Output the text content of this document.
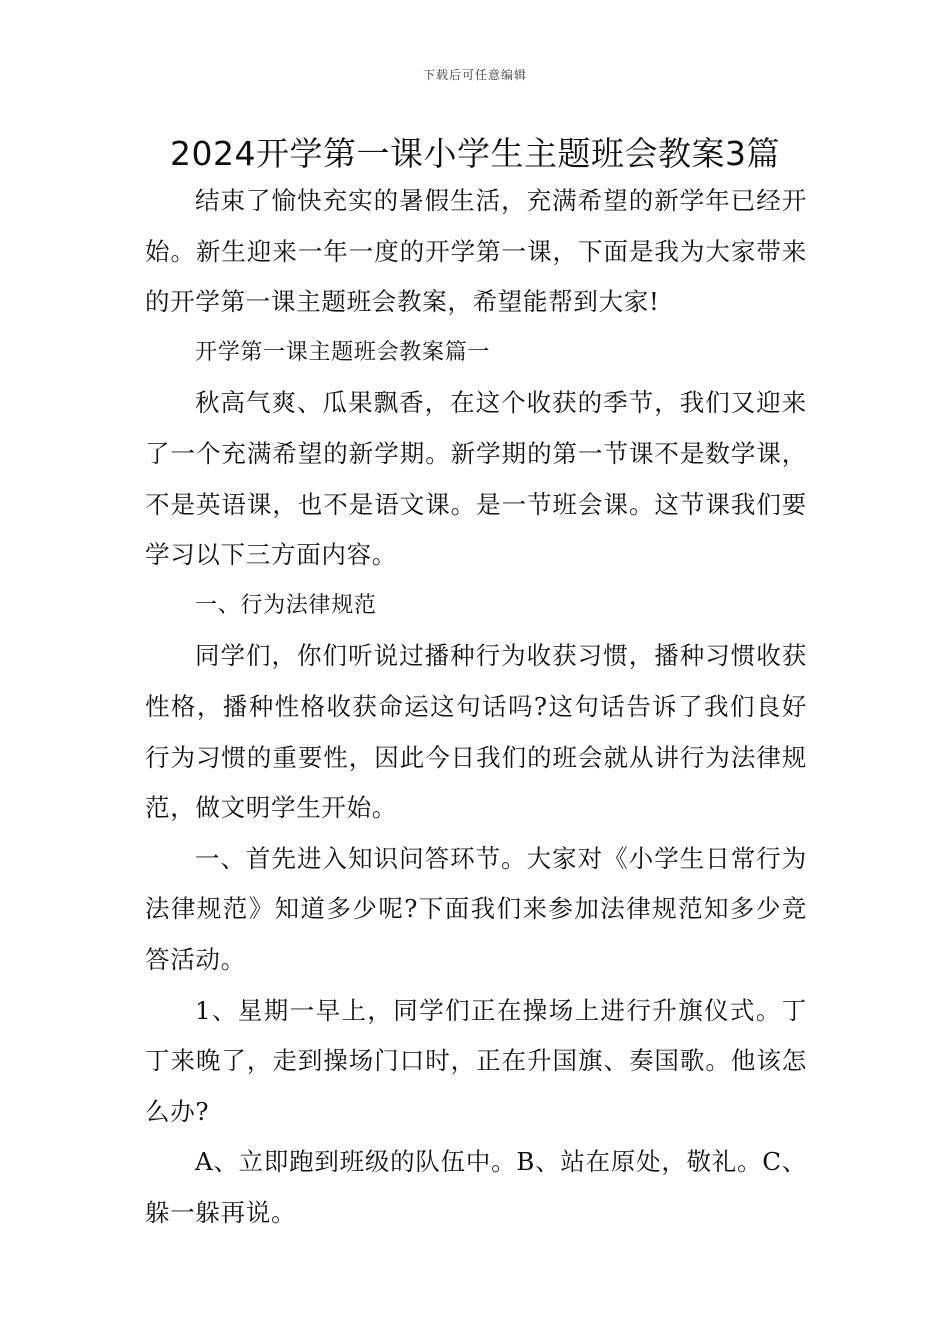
下载后可任意编辑
2024开学第一课小学生主题班会教案3篇

结束了愉快充实的暑假生活，充满希望的新学年已经开始。新生迎来一年一度的开学第一课，下面是我为大家带来的开学第一课主题班会教案，希望能帮到大家!

开学第一课主题班会教案篇一

秋高气爽、瓜果飘香，在这个收获的季节，我们又迎来了一个充满希望的新学期。新学期的第一节课不是数学课，不是英语课，也不是语文课。是一节班会课。这节课我们要学习以下三方面内容。

一、行为法律规范

同学们，你们听说过播种行为收获习惯，播种习惯收获性格，播种性格收获命运这句话吗?这句话告诉了我们良好行为习惯的重要性，因此今日我们的班会就从讲行为法律规范，做文明学生开始。

一、首先进入知识问答环节。大家对《小学生日常行为法律规范》知道多少呢?下面我们来参加法律规范知多少竞答活动。

1、星期一早上，同学们正在操场上进行升旗仪式。丁丁来晚了，走到操场门口时，正在升国旗、奏国歌。他该怎么办?

A、立即跑到班级的队伍中。B、站在原处，敬礼。C、躲一躲再说。
